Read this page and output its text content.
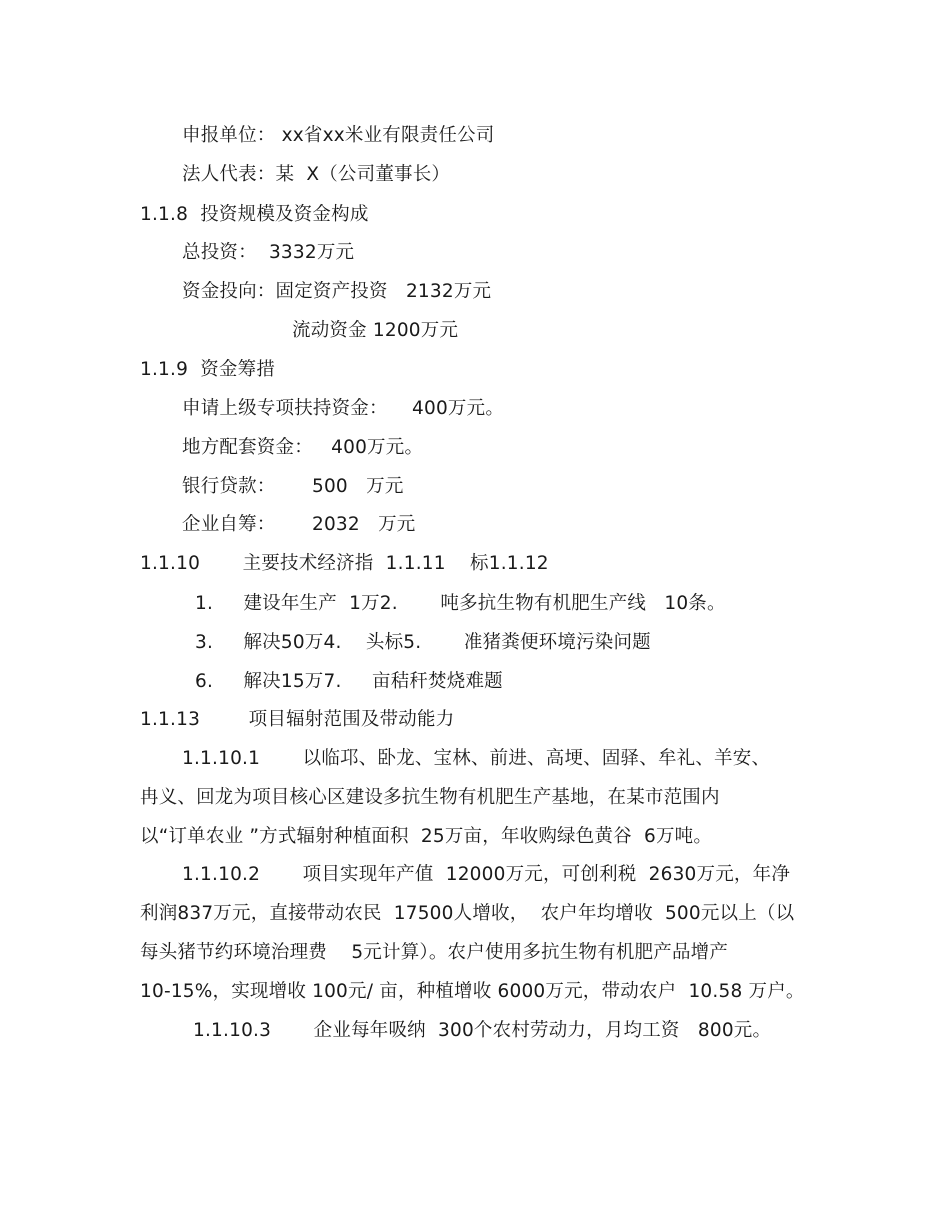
申报单位： xx省xx米业有限责任公司
法人代表：某  X（公司董事长）
1.1.8  投资规模及资金构成
总投资：  3332万元
资金投向：固定资产投资   2132万元
流动资金 1200万元
1.1.9  资金筹措
申请上级专项扶持资金：    400万元。
地方配套资金：   400万元。
银行贷款：      500   万元
企业自筹：      2032   万元
1.1.10       主要技术经济指  1.1.11    标1.1.12
1.     建设年生产  1万2.       吨多抗生物有机肥生产线   10条。
3.     解决50万4.    头标5.       准猪粪便环境污染问题
6.     解决15万7.     亩秸秆焚烧难题
1.1.13        项目辐射范围及带动能力
1.1.10.1       以临邛、卧龙、宝林、前进、高埂、固驿、牟礼、羊安、
冉义、回龙为项目核心区建设多抗生物有机肥生产基地，在某市范围内
以“订单农业 ”方式辐射种植面积  25万亩，年收购绿色黄谷  6万吨。
1.1.10.2       项目实现年产值  12000万元，可创利税  2630万元，年净
利润837万元，直接带动农民  17500人增收，  农户年均增收  500元以上（以
每头猪节约环境治理费    5元计算）。农户使用多抗生物有机肥产品增产
10-15%，实现增收 100元/ 亩，种植增收 6000万元，带动农户  10.58 万户。
1.1.10.3       企业每年吸纳  300个农村劳动力，月均工资   800元。
